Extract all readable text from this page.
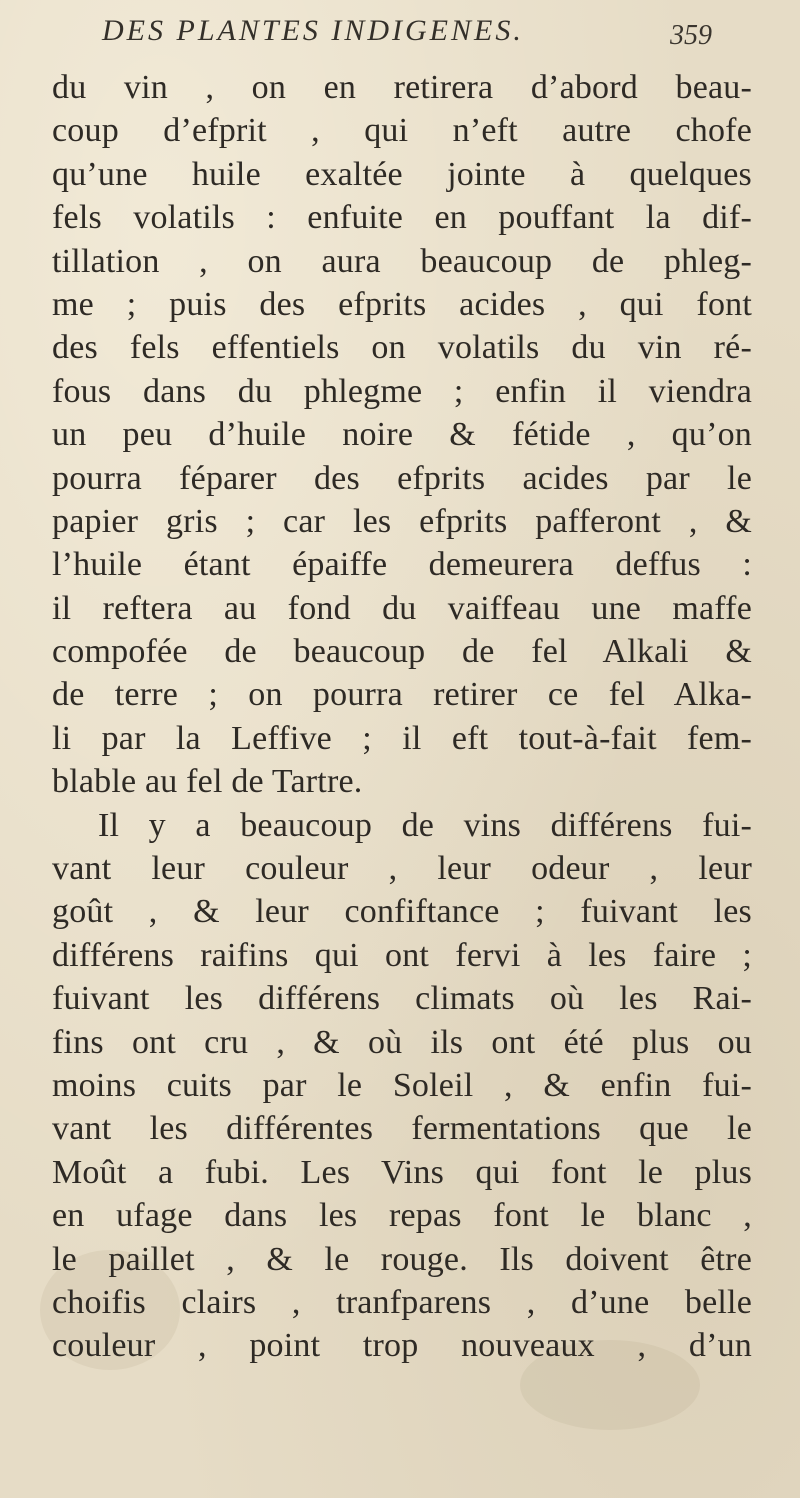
DES PLANTES INDIGENES.	359
du vin , on en retirera d’abord beau-
coup d’efprit , qui n’eft autre chofe
qu’une huile exaltée jointe à quelques
fels volatils : enfuite en pouffant la dif-
tillation , on aura beaucoup de phleg-
me ; puis des efprits acides , qui font
des fels effentiels on volatils du vin ré-
fous dans du phlegme ; enfin il viendra
un peu d’huile noire & fétide , qu’on
pourra féparer des efprits acides par le
papier gris ; car les efprits pafferont , &
l’huile étant épaiffe demeurera deffus :
il reftera au fond du vaiffeau une maffe
compofée de beaucoup de fel Alkali &
de terre ; on pourra retirer ce fel Alka-
li par la Leffive ; il eft tout-à-fait fem-
blable au fel de Tartre.
Il y a beaucoup de vins différens fui-
vant leur couleur , leur odeur , leur
goût , & leur confiftance ; fuivant les
différens raifins qui ont fervi à les faire ;
fuivant les différens climats où les Rai-
fins ont cru , & où ils ont été plus ou
moins cuits par le Soleil , & enfin fui-
vant les différentes fermentations que le
Moût a fubi. Les Vins qui font le plus
en ufage dans les repas font le blanc ,
le paillet , & le rouge. Ils doivent être
choifis clairs , tranfparens , d’une belle
couleur , point trop nouveaux , d’un
